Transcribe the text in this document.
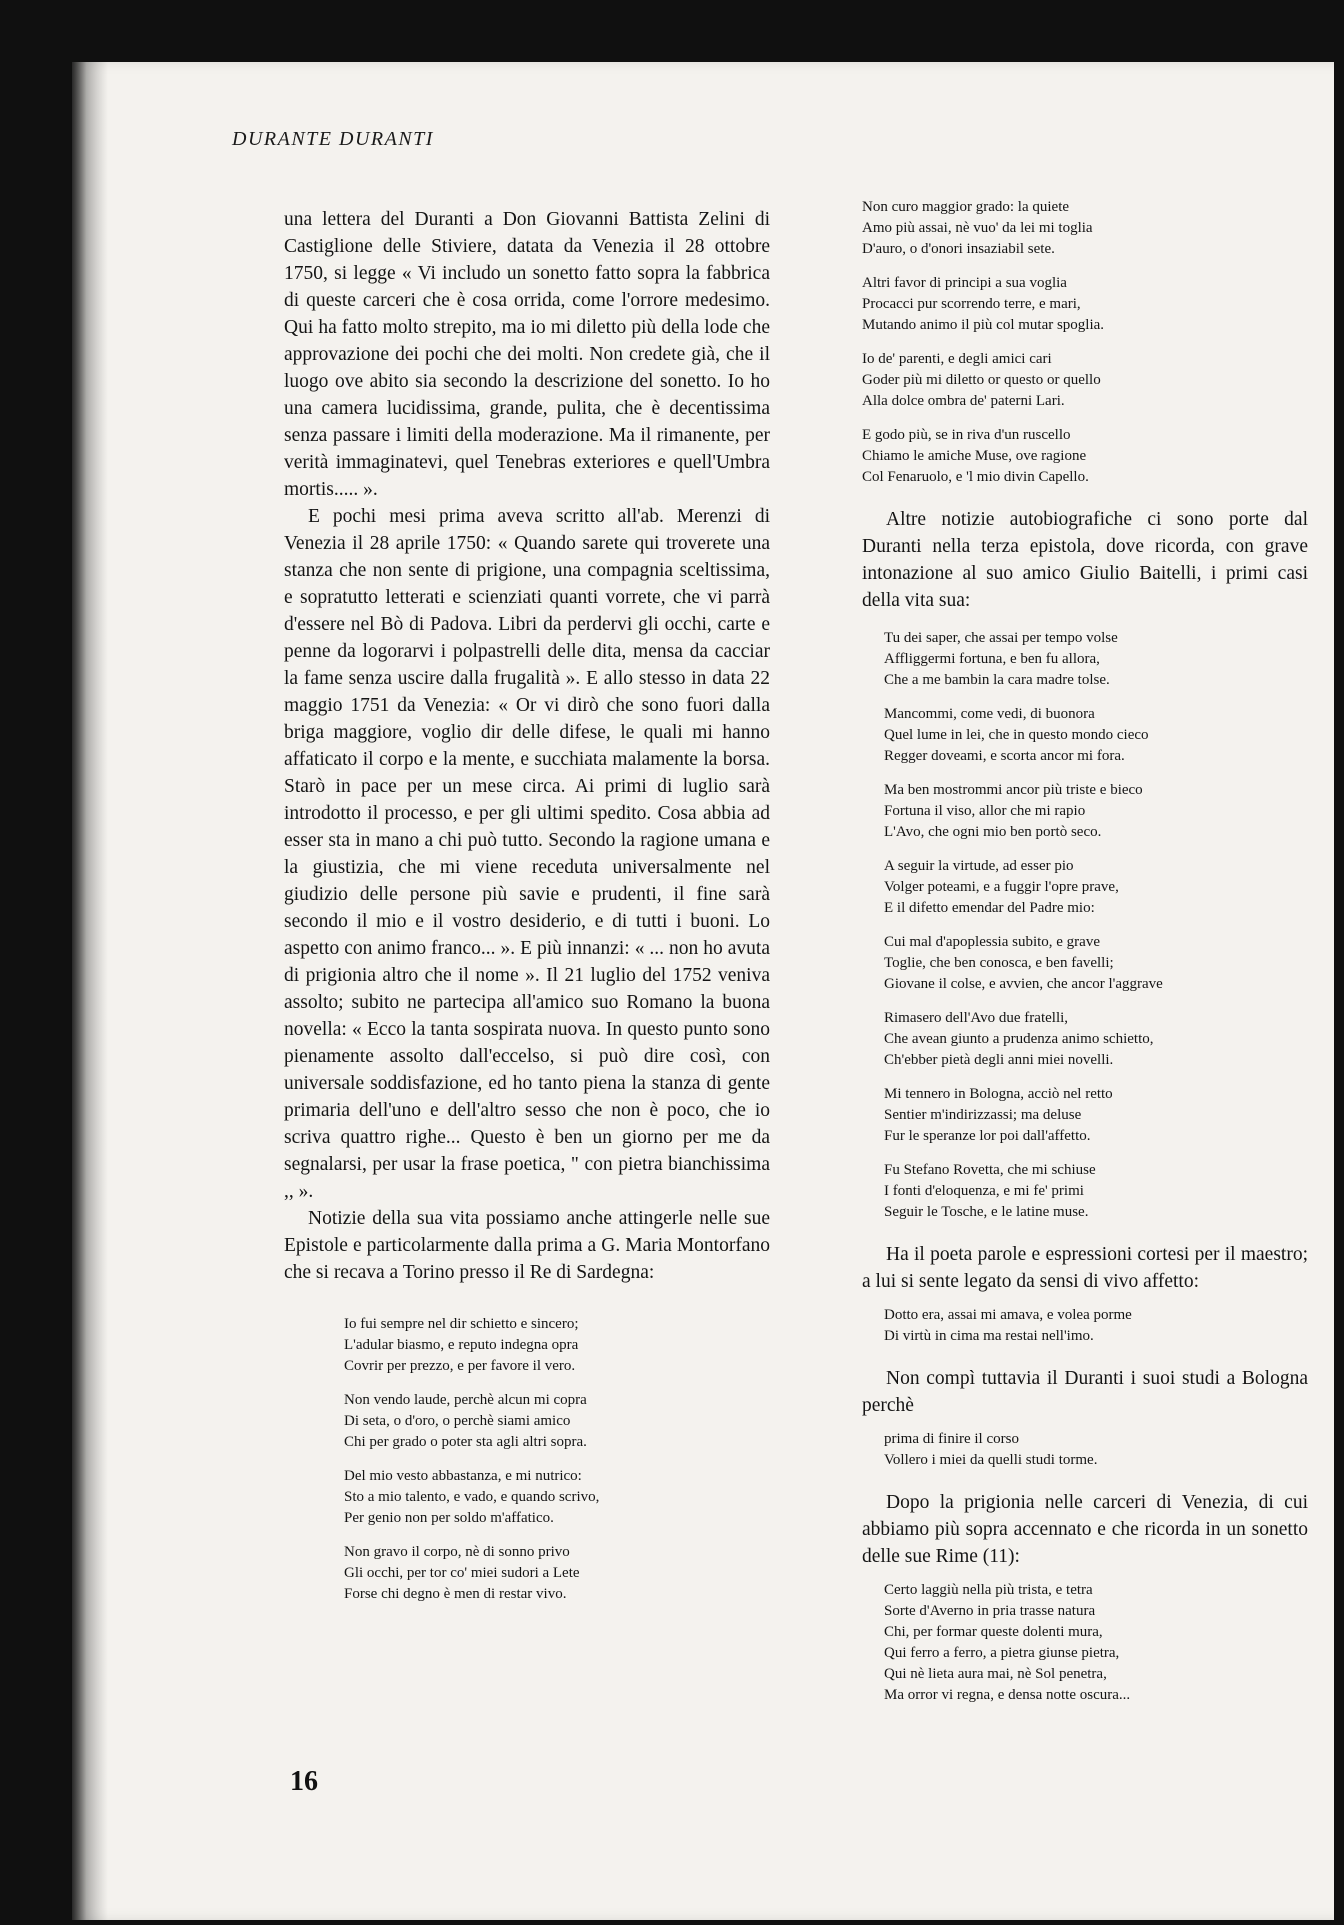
DURANTE DURANTI

una lettera del Duranti a Don Giovanni Battista Zelini di Castiglione delle Stiviere, datata da Venezia il 28 ottobre 1750, si legge « Vi includo un sonetto fatto sopra la fabbrica di queste carceri che è cosa orrida, come l'orrore medesimo. Qui ha fatto molto strepito, ma io mi diletto più della lode che approvazione dei pochi che dei molti. Non credete già, che il luogo ove abito sia secondo la descrizione del sonetto. Io ho una camera lucidissima, grande, pulita, che è decentissima senza passare i limiti della moderazione. Ma il rimanente, per verità immaginatevi, quel Tenebras exteriores e quell'Umbra mortis..... ».

E pochi mesi prima aveva scritto all'ab. Merenzi di Venezia il 28 aprile 1750: « Quando sarete qui troverete una stanza che non sente di prigione, una compagnia sceltissima, e sopratutto letterati e scienziati quanti vorrete, che vi parrà d'essere nel Bò di Padova. Libri da perdervi gli occhi, carte e penne da logorarvi i polpastrelli delle dita, mensa da cacciar la fame senza uscire dalla frugalità ». E allo stesso in data 22 maggio 1751 da Venezia: « Or vi dirò che sono fuori dalla briga maggiore, voglio dir delle difese, le quali mi hanno affaticato il corpo e la mente, e succhiata malamente la borsa. Starò in pace per un mese circa. Ai primi di luglio sarà introdotto il processo, e per gli ultimi spedito. Cosa abbia ad esser sta in mano a chi può tutto. Secondo la ragione umana e la giustizia, che mi viene receduta universalmente nel giudizio delle persone più savie e prudenti, il fine sarà secondo il mio e il vostro desiderio, e di tutti i buoni. Lo aspetto con animo franco... ». E più innanzi: « ... non ho avuta di prigionia altro che il nome ». Il 21 luglio del 1752 veniva assolto; subito ne partecipa all'amico suo Romano la buona novella: « Ecco la tanta sospirata nuova. In questo punto sono pienamente assolto dall'eccelso, si può dire così, con universale soddisfazione, ed ho tanto piena la stanza di gente primaria dell'uno e dell'altro sesso che non è poco, che io scriva quattro righe... Questo è ben un giorno per me da segnalarsi, per usar la frase poetica, " con pietra bianchissima ,, ».

Notizie della sua vita possiamo anche attingerle nelle sue Epistole e particolarmente dalla prima a G. Maria Montorfano che si recava a Torino presso il Re di Sardegna:

Io fui sempre nel dir schietto e sincero;
L'adular biasmo, e reputo indegna opra
Covrir per prezzo, e per favore il vero.
Non vendo laude, perchè alcun mi copra
Di seta, o d'oro, o perchè siami amico
Chi per grado o poter sta agli altri sopra.
Del mio vesto abbastanza, e mi nutrico:
Sto a mio talento, e vado, e quando scrivo,
Per genio non per soldo m'affatico.
Non gravo il corpo, nè di sonno privo
Gli occhi, per tor co' miei sudori a Lete
Forse chi degno è men di restar vivo.
Non curo maggior grado: la quiete
Amo più assai, nè vuo' da lei mi toglia
D'auro, o d'onori insaziabil sete.
Altri favor di principi a sua voglia
Procacci pur scorrendo terre, e mari,
Mutando animo il più col mutar spoglia.
Io de' parenti, e degli amici cari
Goder più mi diletto or questo or quello
Alla dolce ombra de' paterni Lari.
E godo più, se in riva d'un ruscello
Chiamo le amiche Muse, ove ragione
Col Fenaruolo, e 'l mio divin Capello.

Altre notizie autobiografiche ci sono porte dal Duranti nella terza epistola, dove ricorda, con grave intonazione al suo amico Giulio Baitelli, i primi casi della vita sua:

Tu dei saper, che assai per tempo volse
Affliggermi fortuna, e ben fu allora,
Che a me bambin la cara madre tolse.
Mancommi, come vedi, di buonora
Quel lume in lei, che in questo mondo cieco
Regger doveami, e scorta ancor mi fora.
Ma ben mostrommi ancor più triste e bieco
Fortuna il viso, allor che mi rapio
L'Avo, che ogni mio ben portò seco.
A seguir la virtude, ad esser pio
Volger poteami, e a fuggir l'opre prave,
E il difetto emendar del Padre mio:
Cui mal d'apoplessia subito, e grave
Toglie, che ben conosca, e ben favelli;
Giovane il colse, e avvien, che ancor l'aggrave
Rimasero dell'Avo due fratelli,
Che avean giunto a prudenza animo schietto,
Ch'ebber pietà degli anni miei novelli.
Mi tennero in Bologna, acciò nel retto
Sentier m'indirizzassi; ma deluse
Fur le speranze lor poi dall'affetto.
Fu Stefano Rovetta, che mi schiuse
I fonti d'eloquenza, e mi fe' primi
Seguir le Tosche, e le latine muse.

Ha il poeta parole e espressioni cortesi per il maestro; a lui si sente legato da sensi di vivo affetto:

Dotto era, assai mi amava, e volea porme
Di virtù in cima ma restai nell'imo.

Non compì tuttavia il Duranti i suoi studi a Bologna perchè

prima di finire il corso
Vollero i miei da quelli studi torme.

Dopo la prigionia nelle carceri di Venezia, di cui abbiamo più sopra accennato e che ricorda in un sonetto delle sue Rime (11):

Certo laggiù nella più trista, e tetra
Sorte d'Averno in pria trasse natura
Chi, per formar queste dolenti mura,
Qui ferro a ferro, a pietra giunse pietra,
Qui nè lieta aura mai, nè Sol penetra,
Ma orror vi regna, e densa notte oscura...
16
